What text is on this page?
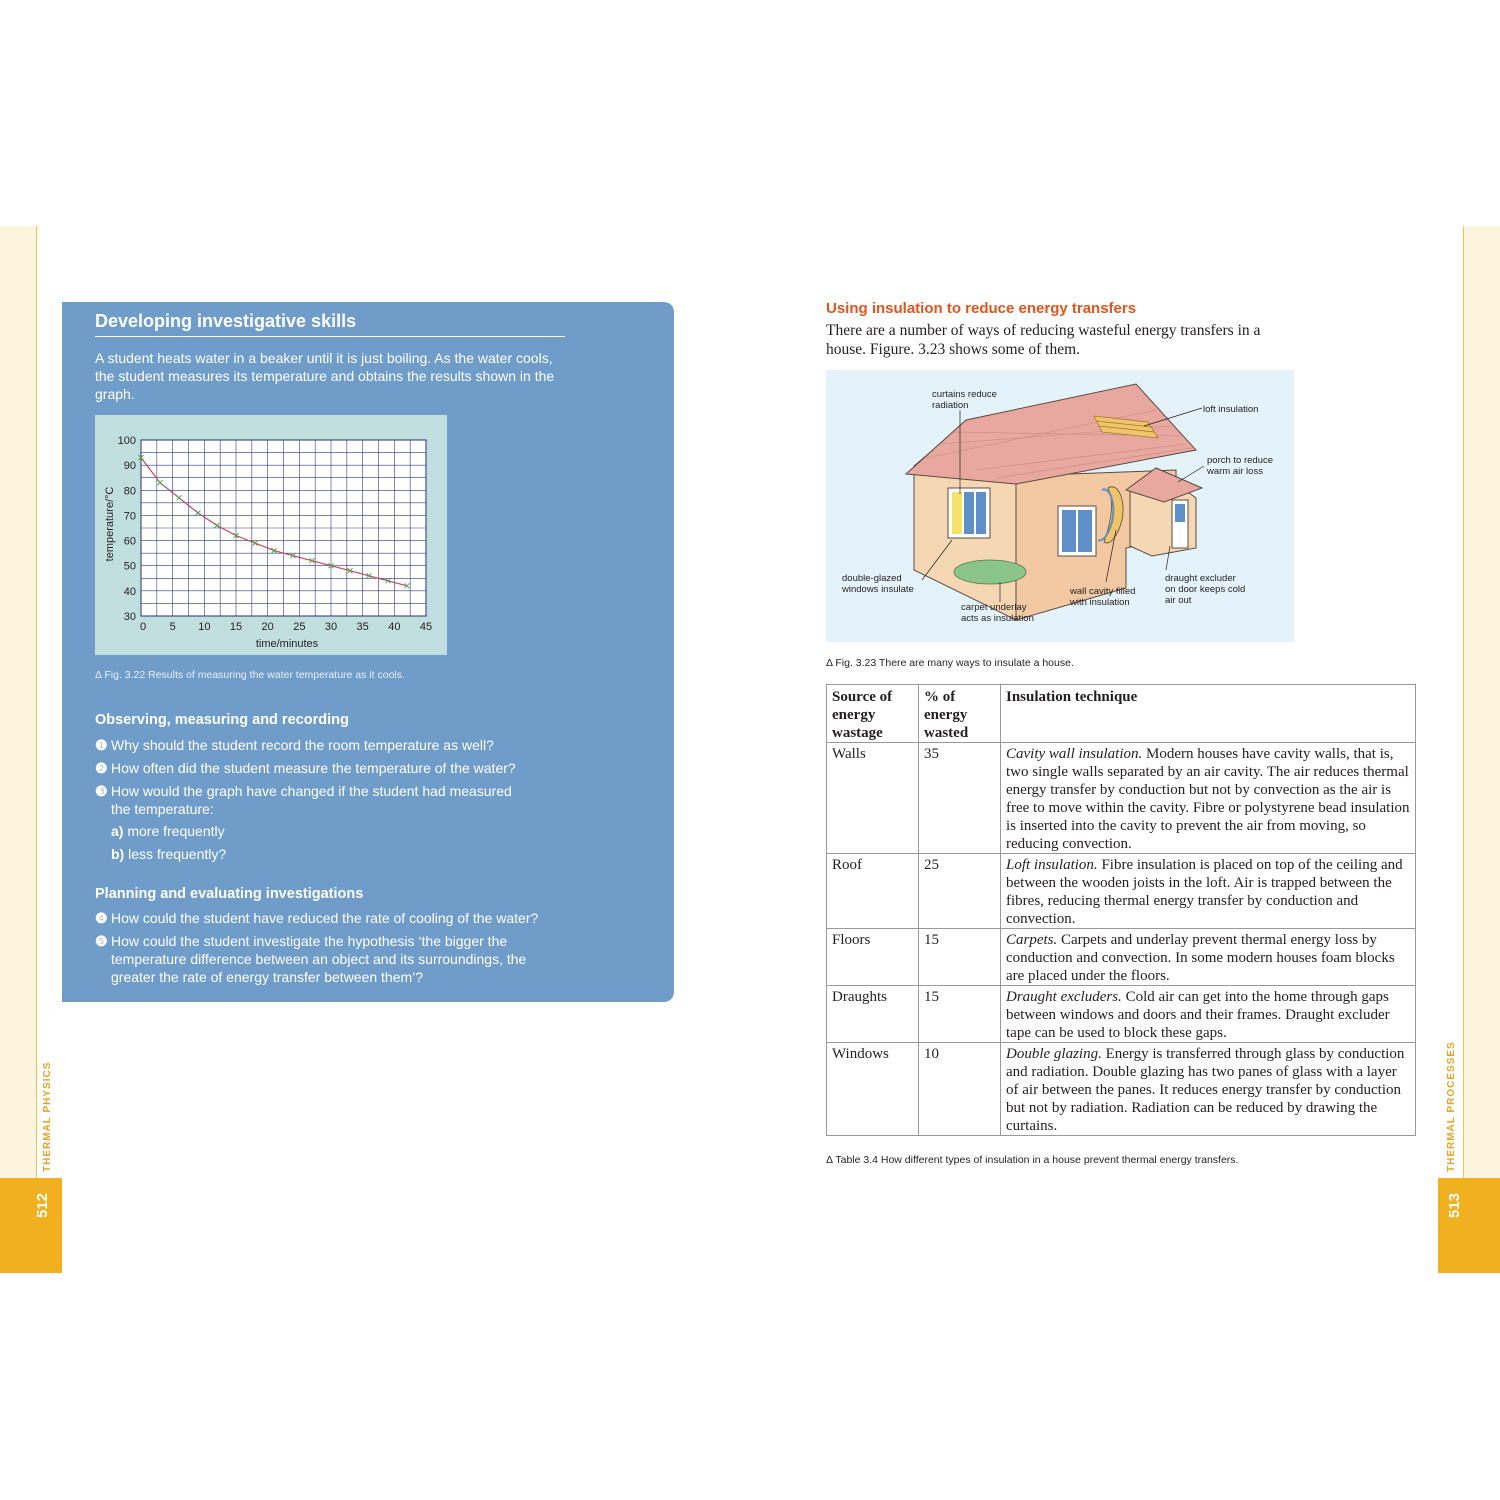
512	513
THERMAL PHYSICS	THERMAL PROCESSES
Developing investigative skills
A student heats water in a beaker until it is just boiling. As the water cools, the student measures its temperature and obtains the results shown in the graph.
0 5 10 15 20 25 30 35 40 45
30
40
50
60
70
80
90
100
time/minutes
temperature/°C
Δ Fig. 3.22 Results of measuring the water temperature as it cools.
Observing, measuring and recording
❶ Why should the student record the room temperature as well?
❷ How often did the student measure the temperature of the water?
❸ How would the graph have changed if the student had measured
the temperature:
a) more frequently
b) less frequently?
Planning and evaluating investigations
❹ How could the student have reduced the rate of cooling of the water?
❺ How could the student investigate the hypothesis ‘the bigger the
temperature difference between an object and its surroundings, the
greater the rate of energy transfer between them’?
Using insulation to reduce energy transfers
There are a number of ways of reducing wasteful energy transfers in a house. Figure. 3.23 shows some of them.
curtains reduce
radiation	loft insulation
porch to reduce
warm air loss
double-glazed
windows insulate
draught excluder
on door keeps cold
air out
wall cavity filled
with insulation
carpet underlay
acts as insulation
Δ Fig. 3.23 There are many ways to insulate a house.
Source of energy wastage	% of energy wasted	Insulation technique
Walls	35	Cavity wall insulation. Modern houses have cavity walls, that is, two single walls separated by an air cavity. The air reduces thermal energy transfer by conduction but not by convection as the air is free to move within the cavity. Fibre or polystyrene bead insulation is inserted into the cavity to prevent the air from moving, so reducing convection.
Roof	25	Loft insulation. Fibre insulation is placed on top of the ceiling and between the wooden joists in the loft. Air is trapped between the fibres, reducing thermal energy transfer by conduction and convection.
Floors	15	Carpets. Carpets and underlay prevent thermal energy loss by conduction and convection. In some modern houses foam blocks are placed under the floors.
Draughts	15	Draught excluders. Cold air can get into the home through gaps between windows and doors and their frames. Draught excluder tape can be used to block these gaps.
Windows	10	Double glazing. Energy is transferred through glass by conduction and radiation. Double glazing has two panes of glass with a layer of air between the panes. It reduces energy transfer by conduction but not by radiation. Radiation can be reduced by drawing the curtains.
Δ Table 3.4 How different types of insulation in a house prevent thermal energy transfers.
